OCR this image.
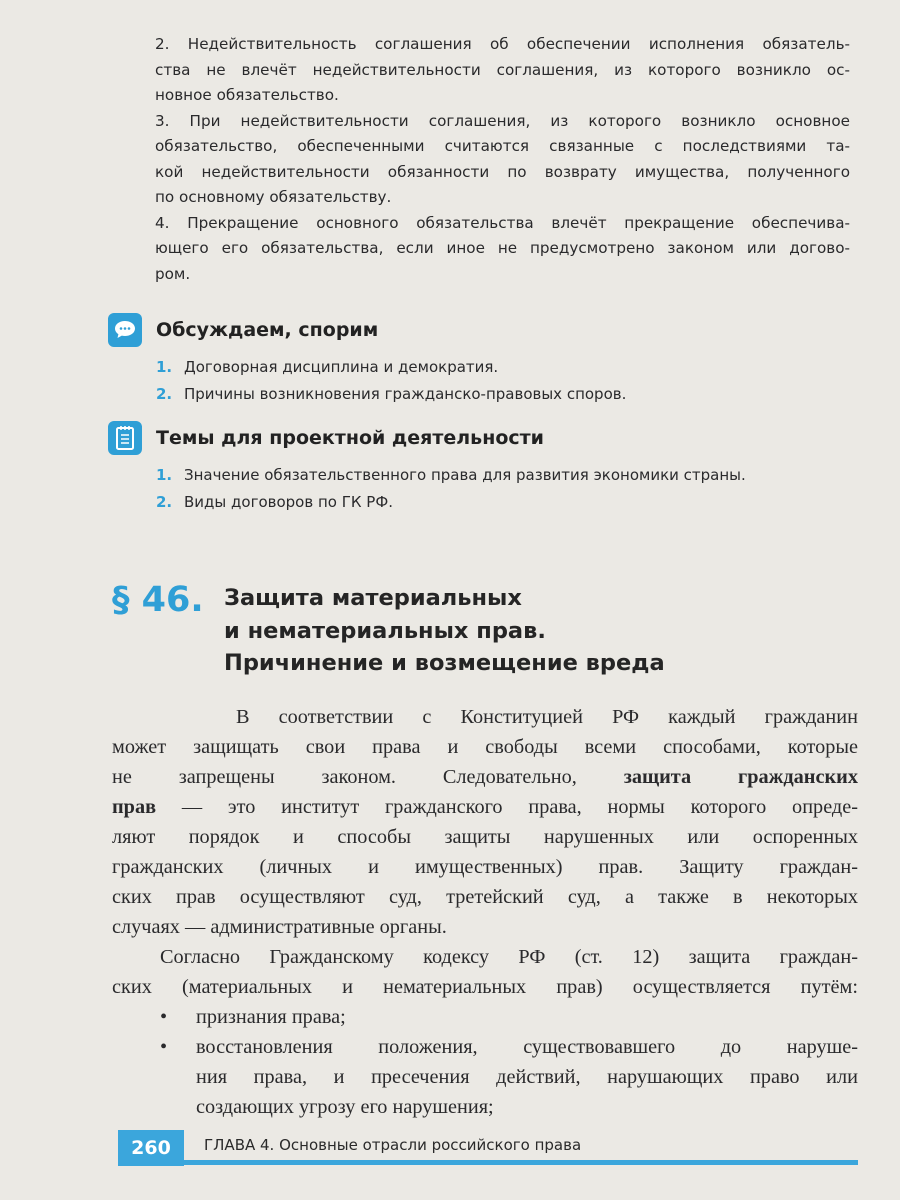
2. Недействительность соглашения об обеспечении исполнения обязатель-
ства не влечёт недействительности соглашения, из которого возникло ос-
новное обязательство.
3. При недействительности соглашения, из которого возникло основное
обязательство, обеспеченными считаются связанные с последствиями та-
кой недействительности обязанности по возврату имущества, полученного
по основному обязательству.
4. Прекращение основного обязательства влечёт прекращение обеспечива-
ющего его обязательства, если иное не предусмотрено законом или догово-
ром.
Обсуждаем, спорим
1. Договорная дисциплина и демократия.
2. Причины возникновения гражданско-правовых споров.
Темы для проектной деятельности
1. Значение обязательственного права для развития экономики страны.
2. Виды договоров по ГК РФ.
§ 46. Защита материальных
и нематериальных прав.
Причинение и возмещение вреда
В соответствии с Конституцией РФ каждый гражданин
может защищать свои права и свободы всеми способами, которые
не запрещены законом. Следовательно, защита гражданских
прав — это институт гражданского права, нормы которого опреде-
ляют порядок и способы защиты нарушенных или оспоренных
гражданских (личных и имущественных) прав. Защиту граждан-
ских прав осуществляют суд, третейский суд, а также в некоторых
случаях — административные органы.
Согласно Гражданскому кодексу РФ (ст. 12) защита граждан-
ских (материальных и нематериальных прав) осуществляется путём:
• признания права;
• восстановления положения, существовавшего до наруше-
ния права, и пресечения действий, нарушающих право или
создающих угрозу его нарушения;
260	ГЛАВА 4. Основные отрасли российского права
